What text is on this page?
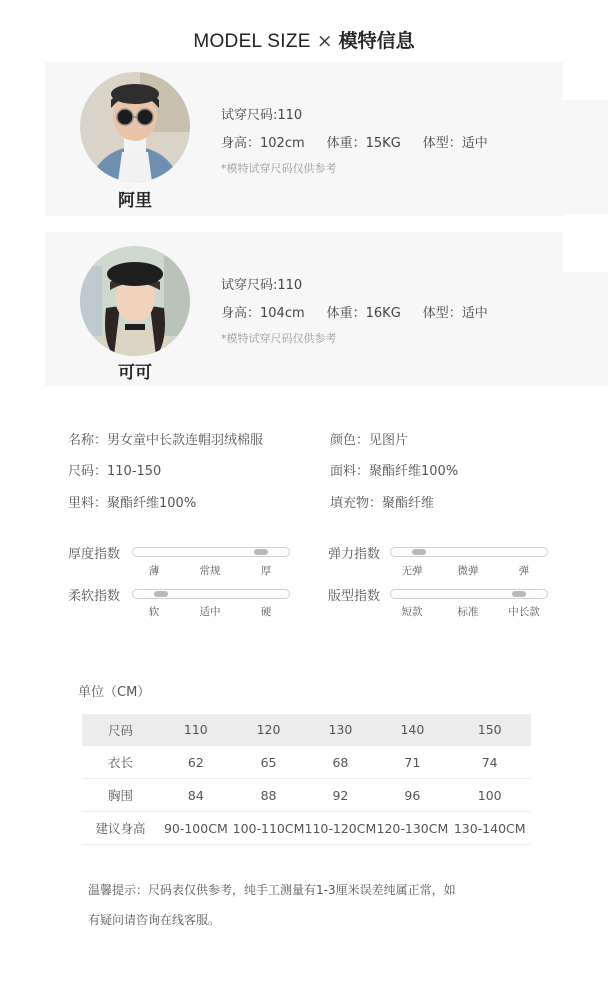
MODEL SIZE × 模特信息
阿里
试穿尺码:110
身高：102cm 体重：15KG 体型：适中
*模特试穿尺码仅供参考
可可
试穿尺码:110
身高：104cm 体重：16KG 体型：适中
*模特试穿尺码仅供参考
名称：男女童中长款连帽羽绒棉服	颜色：见图片
尺码：110-150	面料：聚酯纤维100%
里料：聚酯纤维100%	填充物：聚酯纤维
厚度指数
薄	常规	厚
弹力指数
无弹	微弹	弹
柔软指数
软	适中	硬
版型指数
短款	标准	中长款
单位（CM）
尺码	110	120	130	140	150
衣长	62	65	68	71	74
胸围	84	88	92	96	100
建议身高	90-100CM	100-110CM	110-120CM	120-130CM	130-140CM
温馨提示：尺码表仅供参考，纯手工测量有1-3厘米误差纯属正常，如
有疑问请咨询在线客服。
